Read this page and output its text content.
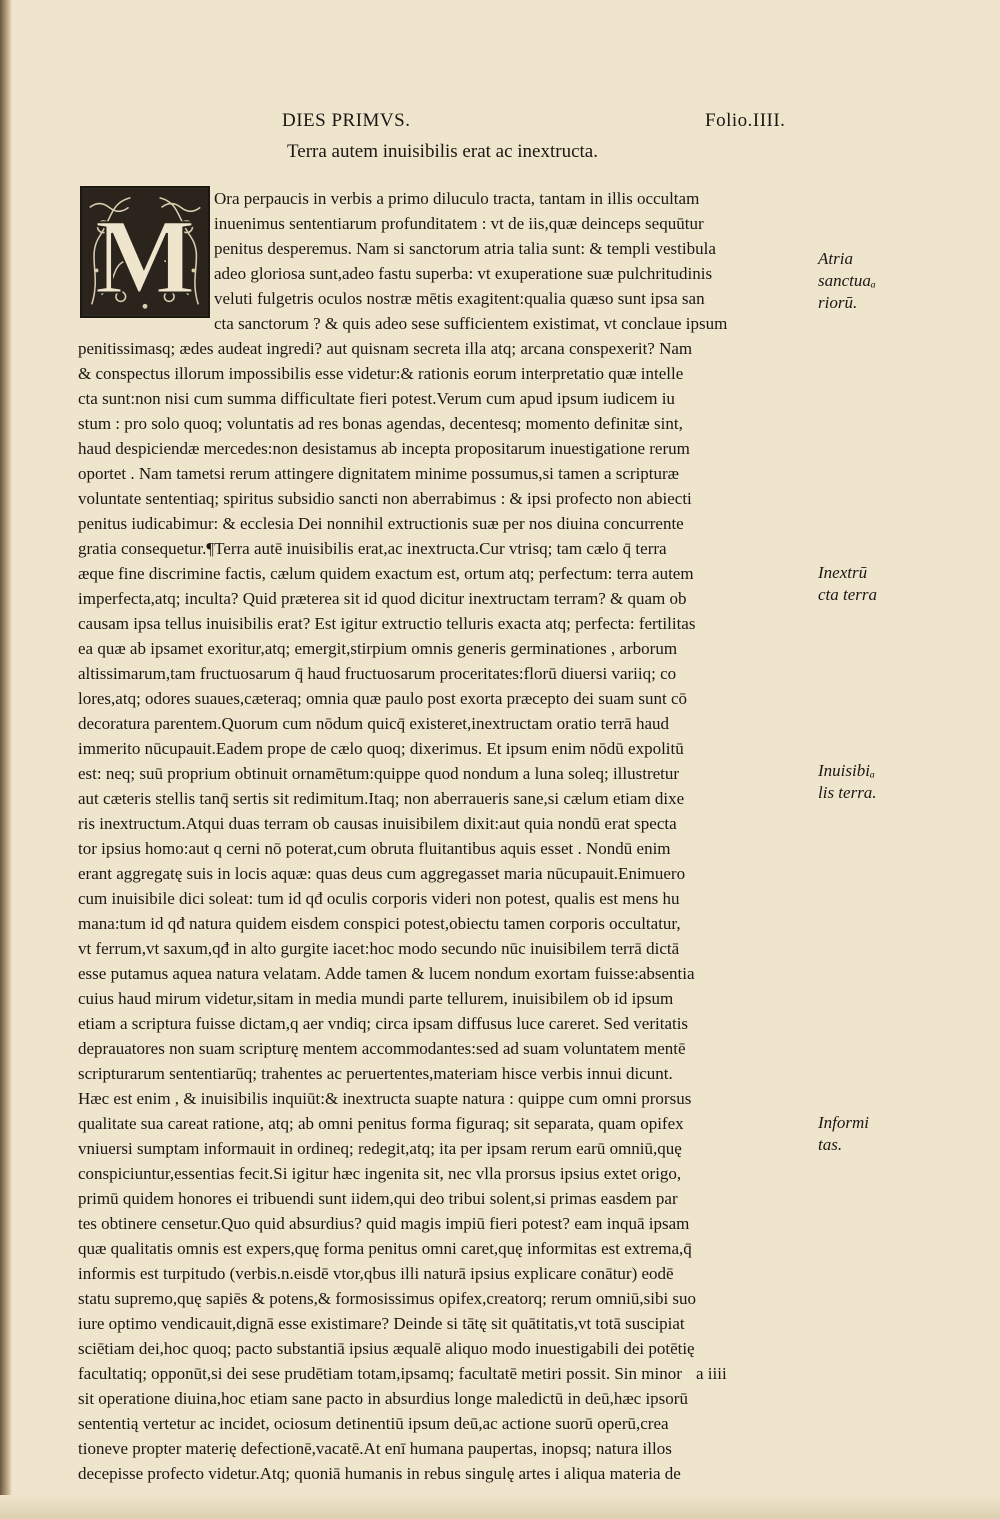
DIES PRIMVS.	Folio.IIII.
Terra autem inuisibilis erat ac inextructa.
M
Ora perpaucis in verbis a primo diluculo tracta, tantam in illis occultam
inuenimus sententiarum profunditatem : vt de iis,quæ deinceps sequūtur
penitus desperemus. Nam si sanctorum atria talia sunt: & templi vestibula
adeo gloriosa sunt,adeo fastu superba: vt exuperatione suæ pulchritudinis
veluti fulgetris oculos nostræ mētis exagitent:qualia quæso sunt ipsa san
cta sanctorum ? & quis adeo sese sufficientem existimat, vt conclaue ipsum
penitissimasq; ædes audeat ingredi? aut quisnam secreta illa atq; arcana conspexerit? Nam
& conspectus illorum impossibilis esse videtur:& rationis eorum interpretatio quæ intelle
cta sunt:non nisi cum summa difficultate fieri potest.Verum cum apud ipsum iudicem iu
stum : pro solo quoq; voluntatis ad res bonas agendas, decentesq; momento definitæ sint,
haud despiciendæ mercedes:non desistamus ab incepta propositarum inuestigatione rerum
oportet . Nam tametsi rerum attingere dignitatem minime possumus,si tamen a scripturæ
voluntate sententiaq; spiritus subsidio sancti non aberrabimus : & ipsi profecto non abiecti
penitus iudicabimur: & ecclesia Dei nonnihil extructionis suæ per nos diuina concurrente
gratia consequetur.¶Terra autē inuisibilis erat,ac inextructa.Cur vtrisq; tam cælo q̄ terra
æque fine discrimine factis, cælum quidem exactum est, ortum atq; perfectum: terra autem
imperfecta,atq; inculta? Quid præterea sit id quod dicitur inextructam terram? & quam ob
causam ipsa tellus inuisibilis erat? Est igitur extructio telluris exacta atq; perfecta: fertilitas
ea quæ ab ipsamet exoritur,atq; emergit,stirpium omnis generis germinationes , arborum
altissimarum,tam fructuosarum q̄ haud fructuosarum proceritates:florū diuersi variiq; co
lores,atq; odores suaues,cæteraq; omnia quæ paulo post exorta præcepto dei suam sunt cō
decoratura parentem.Quorum cum nōdum quicq̄ existeret,inextructam oratio terrā haud
immerito nūcupauit.Eadem prope de cælo quoq; dixerimus. Et ipsum enim nōdū expolitū
est: neq; suū proprium obtinuit ornamētum:quippe quod nondum a luna soleq; illustretur
aut cæteris stellis tanq̄ sertis sit redimitum.Itaq; non aberraueris sane,si cælum etiam dixe
ris inextructum.Atqui duas terram ob causas inuisibilem dixit:aut quia nondū erat specta
tor ipsius homo:aut q cerni nō poterat,cum obruta fluitantibus aquis esset . Nondū enim
erant aggregatę suis in locis aquæ: quas deus cum aggregasset maria nūcupauit.Enimuero
cum inuisibile dici soleat: tum id qđ oculis corporis videri non potest, qualis est mens hu
mana:tum id qđ natura quidem eisdem conspici potest,obiectu tamen corporis occultatur,
vt ferrum,vt saxum,qđ in alto gurgite iacet:hoc modo secundo nūc inuisibilem terrā dictā
esse putamus aquea natura velatam. Adde tamen & lucem nondum exortam fuisse:absentia
cuius haud mirum videtur,sitam in media mundi parte tellurem, inuisibilem ob id ipsum
etiam a scriptura fuisse dictam,q aer vndiq; circa ipsam diffusus luce careret. Sed veritatis
deprauatores non suam scripturę mentem accommodantes:sed ad suam voluntatem mentē
scripturarum sententiarūq; trahentes ac peruertentes,materiam hisce verbis innui dicunt.
Hæc est enim , & inuisibilis inquiūt:& inextructa suapte natura : quippe cum omni prorsus
qualitate sua careat ratione, atq; ab omni penitus forma figuraq; sit separata, quam opifex
vniuersi sumptam informauit in ordineq; redegit,atq; ita per ipsam rerum earū omniū,quę
conspiciuntur,essentias fecit.Si igitur hæc ingenita sit, nec vlla prorsus ipsius extet origo,
primū quidem honores ei tribuendi sunt iidem,qui deo tribui solent,si primas easdem par
tes obtinere censetur.Quo quid absurdius? quid magis impiū fieri potest? eam inquā ipsam
quæ qualitatis omnis est expers,quę forma penitus omni caret,quę informitas est extrema,q̄
informis est turpitudo (verbis.n.eisdē vtor,qbus illi naturā ipsius explicare conātur) eodē
statu supremo,quę sapiēs & potens,& formosissimus opifex,creatorq; rerum omniū,sibi suo
iure optimo vendicauit,dignā esse existimare? Deinde si tātę sit quātitatis,vt totā suscipiat
sciētiam dei,hoc quoq; pacto substantiā ipsius æqualē aliquo modo inuestigabili dei potētię
facultatiq; opponūt,si dei sese prudētiam totam,ipsamq; facultatē metiri possit. Sin minor
sit operatione diuina,hoc etiam sane pacto in absurdius longe maledictū in deū,hæc ipsorū
sententią vertetur ac incidet, ociosum detinentiū ipsum deū,ac actione suorū operū,crea
tioneve propter materię defectionē,vacatē.At enī humana paupertas, inopsq; natura illos
decepisse profecto videtur.Atq; quoniā humanis in rebus singulę artes i aliqua materia de
Atria
sanctuaₐ
riorū.
Inextrū
cta terra
Inuisibiₐ
lis terra.
Informi
tas.
a iiii
